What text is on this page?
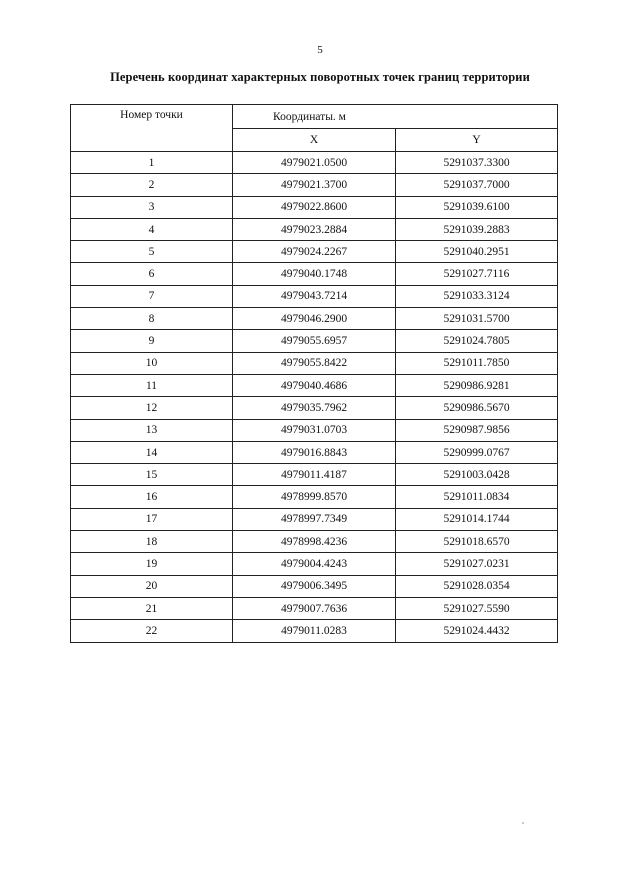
5
Перечень координат характерных поворотных точек границ территории
Номер точки	Координаты. м	
	X	Y
1	4979021.0500	5291037.3300
2	4979021.3700	5291037.7000
3	4979022.8600	5291039.6100
4	4979023.2884	5291039.2883
5	4979024.2267	5291040.2951
6	4979040.1748	5291027.7116
7	4979043.7214	5291033.3124
8	4979046.2900	5291031.5700
9	4979055.6957	5291024.7805
10	4979055.8422	5291011.7850
11	4979040.4686	5290986.9281
12	4979035.7962	5290986.5670
13	4979031.0703	5290987.9856
14	4979016.8843	5290999.0767
15	4979011.4187	5291003.0428
16	4978999.8570	5291011.0834
17	4978997.7349	5291014.1744
18	4978998.4236	5291018.6570
19	4979004.4243	5291027.0231
20	4979006.3495	5291028.0354
21	4979007.7636	5291027.5590
22	4979011.0283	5291024.4432
